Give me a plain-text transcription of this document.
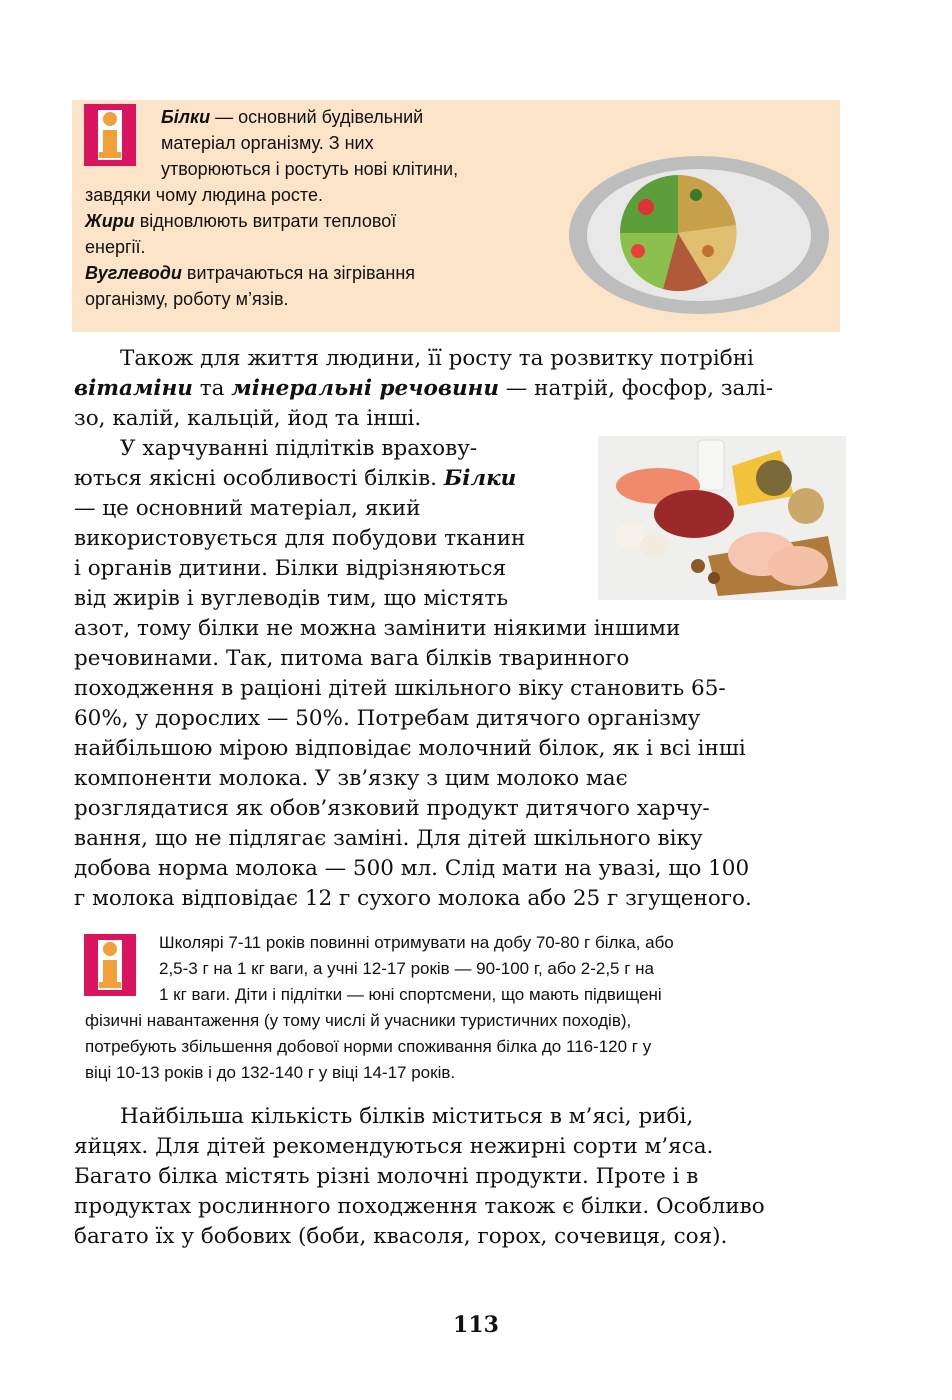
Білки — основний будівельний
матеріал організму. З них
утворюються і ростуть нові клітини,
завдяки чому людина росте.
Жири відновлюють витрати теплової
енергії.
Вуглеводи витрачаються на зігрівання
організму, роботу м’язів.
Також для життя людини, її росту та розвитку потрібні
вітаміни та мінеральні речовини — натрій, фосфор, залі-
зо, калій, кальцій, йод та інші.
У харчуванні підлітків врахову-
ються якісні особливості білків. Білки
— це основний матеріал, який
використовується для побудови тканин
і органів дитини. Білки відрізняються
від жирів і вуглеводів тим, що містять
азот, тому білки не можна замінити ніякими іншими
речовинами. Так, питома вага білків тваринного
походження в раціоні дітей шкільного віку становить 65-
60%, у дорослих — 50%. Потребам дитячого організму
найбільшою мірою відповідає молочний білок, як і всі інші
компоненти молока. У зв’язку з цим молоко має
розглядатися як обов’язковий продукт дитячого харчу-
вання, що не підлягає заміні. Для дітей шкільного віку
добова норма молока — 500 мл. Слід мати на увазі, що 100
г молока відповідає 12 г сухого молока або 25 г згущеного.
Школярі 7-11 років повинні отримувати на добу 70-80 г білка, або
2,5-3 г на 1 кг ваги, а учні 12-17 років — 90-100 г, або 2-2,5 г на
1 кг ваги. Діти і підлітки — юні спортсмени, що мають підвищені
фізичні навантаження (у тому числі й учасники туристичних походів),
потребують збільшення добової норми споживання білка до 116-120 г у
віці 10-13 років і до 132-140 г у віці 14-17 років.
Найбільша кількість білків міститься в м’ясі, рибі,
яйцях. Для дітей рекомендуються нежирні сорти м’яса.
Багато білка містять різні молочні продукти. Проте і в
продуктах рослинного походження також є білки. Особливо
багато їх у бобових (боби, квасоля, горох, сочевиця, соя).
113
